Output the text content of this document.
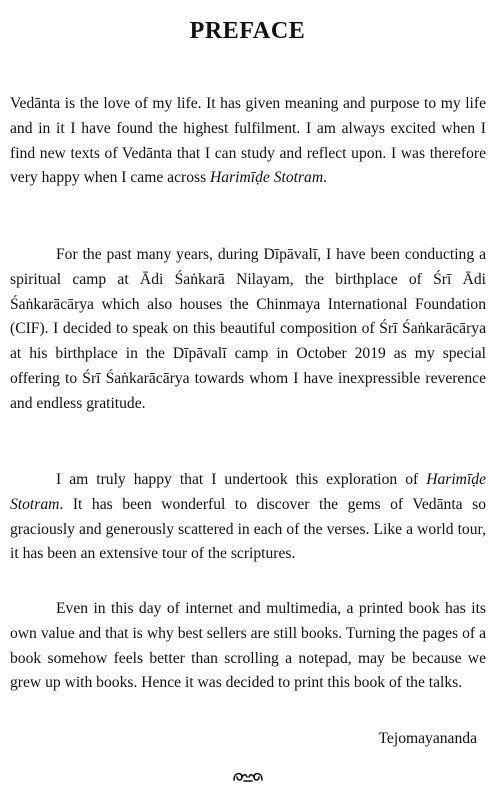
PREFACE

Vedānta is the love of my life. It has given meaning and purpose to my life and in it I have found the highest fulfilment. I am always excited when I find new texts of Vedānta that I can study and reflect upon. I was therefore very happy when I came across Harimīḍe Stotram.

For the past many years, during Dīpāvalī, I have been conducting a spiritual camp at Ādi Śaṅkarā Nilayam, the birthplace of Śrī Ādi Śaṅkarācārya which also houses the Chinmaya International Foundation (CIF). I decided to speak on this beautiful composition of Śrī Śaṅkarācārya at his birthplace in the Dīpāvalī camp in October 2019 as my special offering to Śrī Śaṅkarācārya towards whom I have inexpressible reverence and endless gratitude.

I am truly happy that I undertook this exploration of Harimīḍe Stotram. It has been wonderful to discover the gems of Vedānta so graciously and generously scattered in each of the verses. Like a world tour, it has been an extensive tour of the scriptures.

Even in this day of internet and multimedia, a printed book has its own value and that is why best sellers are still books. Turning the pages of a book somehow feels better than scrolling a notepad, may be because we grew up with books. Hence it was decided to print this book of the talks.

Tejomayananda
